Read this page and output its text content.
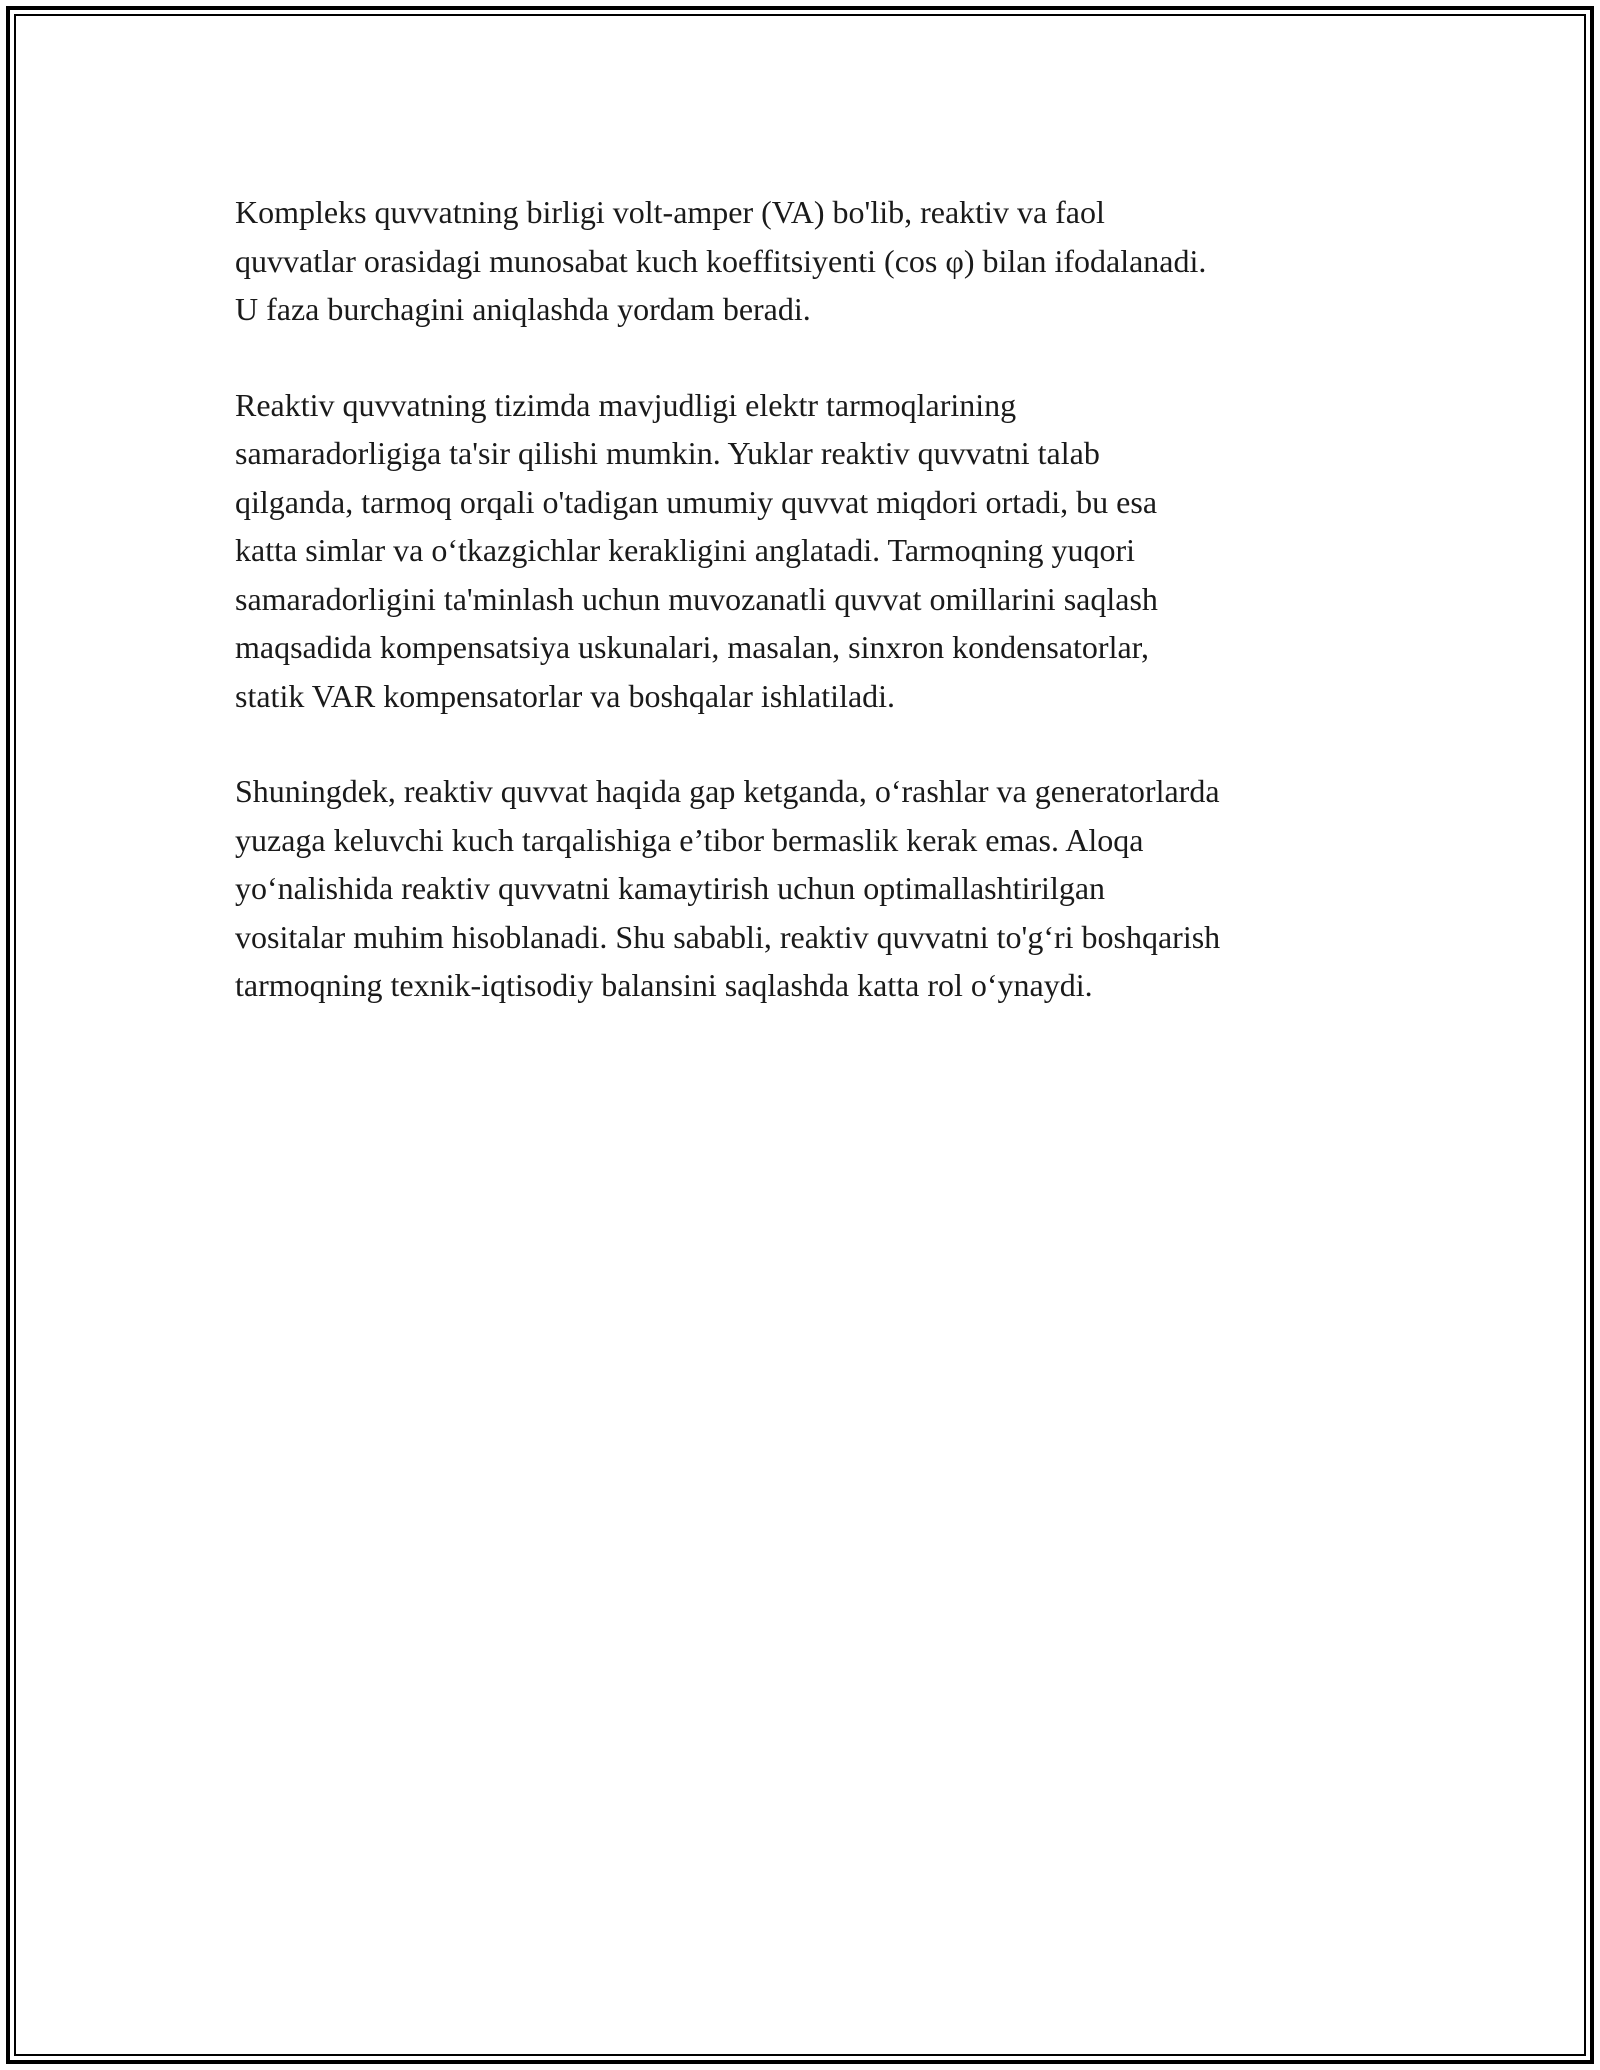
Kompleks quvvatning birligi volt-amper (VA) bo'lib, reaktiv va faol
quvvatlar orasidagi munosabat kuch koeffitsiyenti (cos φ) bilan ifodalanadi.
U faza burchagini aniqlashda yordam beradi.

Reaktiv quvvatning tizimda mavjudligi elektr tarmoqlarining
samaradorligiga ta'sir qilishi mumkin. Yuklar reaktiv quvvatni talab
qilganda, tarmoq orqali o'tadigan umumiy quvvat miqdori ortadi, bu esa
katta simlar va o‘tkazgichlar kerakligini anglatadi. Tarmoqning yuqori
samaradorligini ta'minlash uchun muvozanatli quvvat omillarini saqlash
maqsadida kompensatsiya uskunalari, masalan, sinxron kondensatorlar,
statik VAR kompensatorlar va boshqalar ishlatiladi.

Shuningdek, reaktiv quvvat haqida gap ketganda, o‘rashlar va generatorlarda
yuzaga keluvchi kuch tarqalishiga e’tibor bermaslik kerak emas. Aloqa
yo‘nalishida reaktiv quvvatni kamaytirish uchun optimallashtirilgan
vositalar muhim hisoblanadi. Shu sababli, reaktiv quvvatni to'g‘ri boshqarish
tarmoqning texnik-iqtisodiy balansini saqlashda katta rol o‘ynaydi.
